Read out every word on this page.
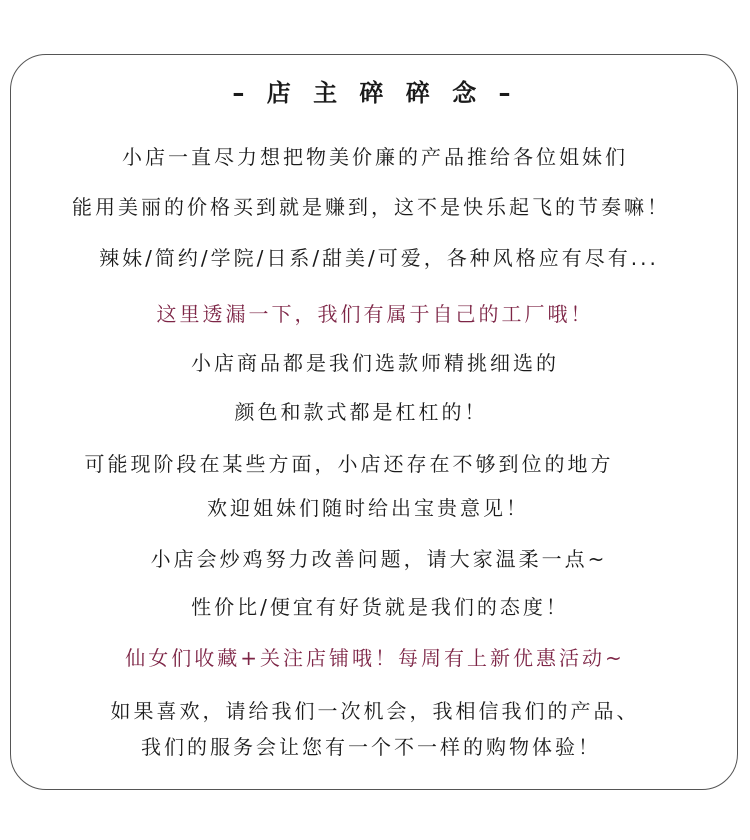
– 店 主 碎 碎 念 –
小店一直尽力想把物美价廉的产品推给各位姐妹们
能用美丽的价格买到就是赚到，这不是快乐起飞的节奏嘛！
辣妹/简约/学院/日系/甜美/可爱，各种风格应有尽有...
这里透漏一下，我们有属于自己的工厂哦！
小店商品都是我们选款师精挑细选的
颜色和款式都是杠杠的！
可能现阶段在某些方面，小店还存在不够到位的地方
欢迎姐妹们随时给出宝贵意见！
小店会炒鸡努力改善问题，请大家温柔一点~
性价比/便宜有好货就是我们的态度！
仙女们收藏+关注店铺哦！每周有上新优惠活动~
如果喜欢，请给我们一次机会，我相信我们的产品、
我们的服务会让您有一个不一样的购物体验！
